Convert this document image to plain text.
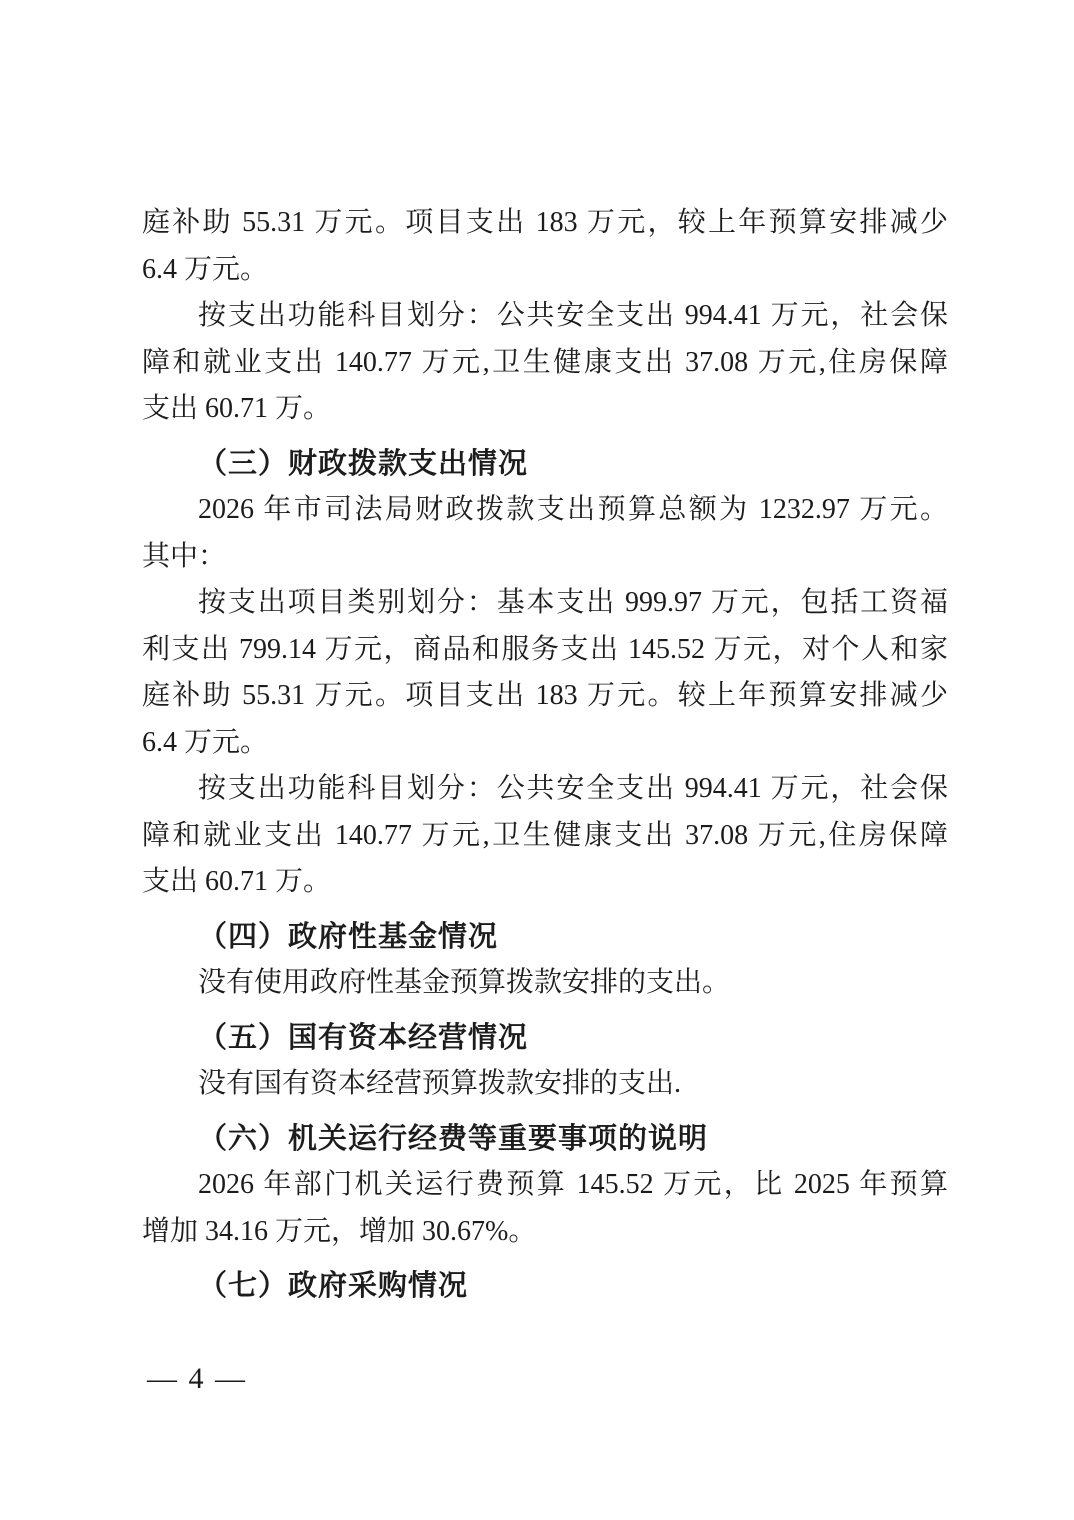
庭补助 55.31 万元。项目支出 183 万元，较上年预算安排减少
6.4 万元。
按支出功能科目划分：公共安全支出 994.41 万元，社会保
障和就业支出 140.77 万元,卫生健康支出 37.08 万元,住房保障
支出 60.71 万。
（三）财政拨款支出情况
2026 年市司法局财政拨款支出预算总额为 1232.97 万元。
其中：
按支出项目类别划分：基本支出 999.97 万元，包括工资福
利支出 799.14 万元，商品和服务支出 145.52 万元，对个人和家
庭补助 55.31 万元。项目支出 183 万元。较上年预算安排减少
6.4 万元。
按支出功能科目划分：公共安全支出 994.41 万元，社会保
障和就业支出 140.77 万元,卫生健康支出 37.08 万元,住房保障
支出 60.71 万。
（四）政府性基金情况
没有使用政府性基金预算拨款安排的支出。
（五）国有资本经营情况
没有国有资本经营预算拨款安排的支出.
（六）机关运行经费等重要事项的说明
2026 年部门机关运行费预算 145.52 万元，比 2025 年预算
增加 34.16 万元，增加 30.67%。
（七）政府采购情况
— 4 —
